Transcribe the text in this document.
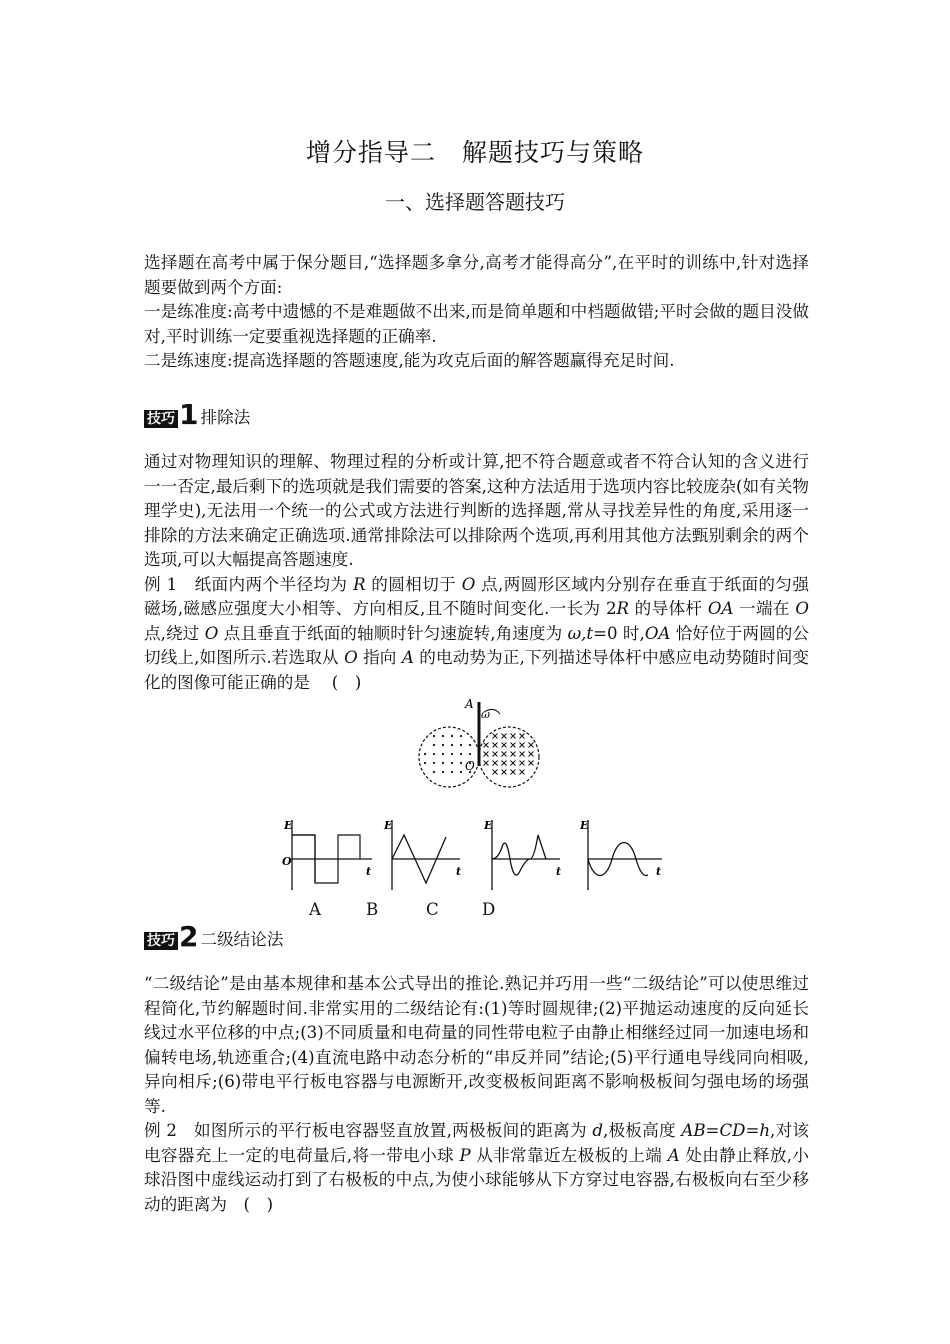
增分指导二　解题技巧与策略
一、选择题答题技巧

选择题在高考中属于保分题目,“选择题多拿分,高考才能得高分”,在平时的训练中,针对选择题要做到两个方面:

一是练准度:高考中遗憾的不是难题做不出来,而是简单题和中档题做错;平时会做的题目没做对,平时训练一定要重视选择题的正确率.

二是练速度:提高选择题的答题速度,能为攻克后面的解答题赢得充足时间.

技巧 1 排除法

通过对物理知识的理解、物理过程的分析或计算,把不符合题意或者不符合认知的含义进行一一否定,最后剩下的选项就是我们需要的答案,这种方法适用于选项内容比较庞杂(如有关物理学史),无法用一个统一的公式或方法进行判断的选择题,常从寻找差异性的角度,采用逐一排除的方法来确定正确选项.通常排除法可以排除两个选项,再利用其他方法甄别剩余的两个选项,可以大幅提高答题速度.

例 1　纸面内两个半径均为 R 的圆相切于 O 点,两圆形区域内分别存在垂直于纸面的匀强磁场,磁感应强度大小相等、方向相反,且不随时间变化.一长为 2R 的导体杆 OA 一端在 O 点,绕过 O 点且垂直于纸面的轴顺时针匀速旋转,角速度为 ω,t=0 时,OA 恰好位于两圆的公切线上,如图所示.若选取从 O 指向 A 的电动势为正,下列描述导体杆中感应电动势随时间变化的图像可能正确的是　 (　)

A
O
ω
E
O
t
E
t
E
t
E
t
A	B	C	D
技巧 2 二级结论法

“二级结论”是由基本规律和基本公式导出的推论.熟记并巧用一些“二级结论”可以使思维过程简化,节约解题时间.非常实用的二级结论有:(1)等时圆规律;(2)平抛运动速度的反向延长线过水平位移的中点;(3)不同质量和电荷量的同性带电粒子由静止相继经过同一加速电场和偏转电场,轨迹重合;(4)直流电路中动态分析的“串反并同”结论;(5)平行通电导线同向相吸,异向相斥;(6)带电平行板电容器与电源断开,改变极板间距离不影响极板间匀强电场的场强等.

例 2　如图所示的平行板电容器竖直放置,两极板间的距离为 d,极板高度 AB=CD=h,对该电容器充上一定的电荷量后,将一带电小球 P 从非常靠近左极板的上端 A 处由静止释放,小球沿图中虚线运动打到了右极板的中点,为使小球能够从下方穿过电容器,右极板向右至少移动的距离为　(　)
